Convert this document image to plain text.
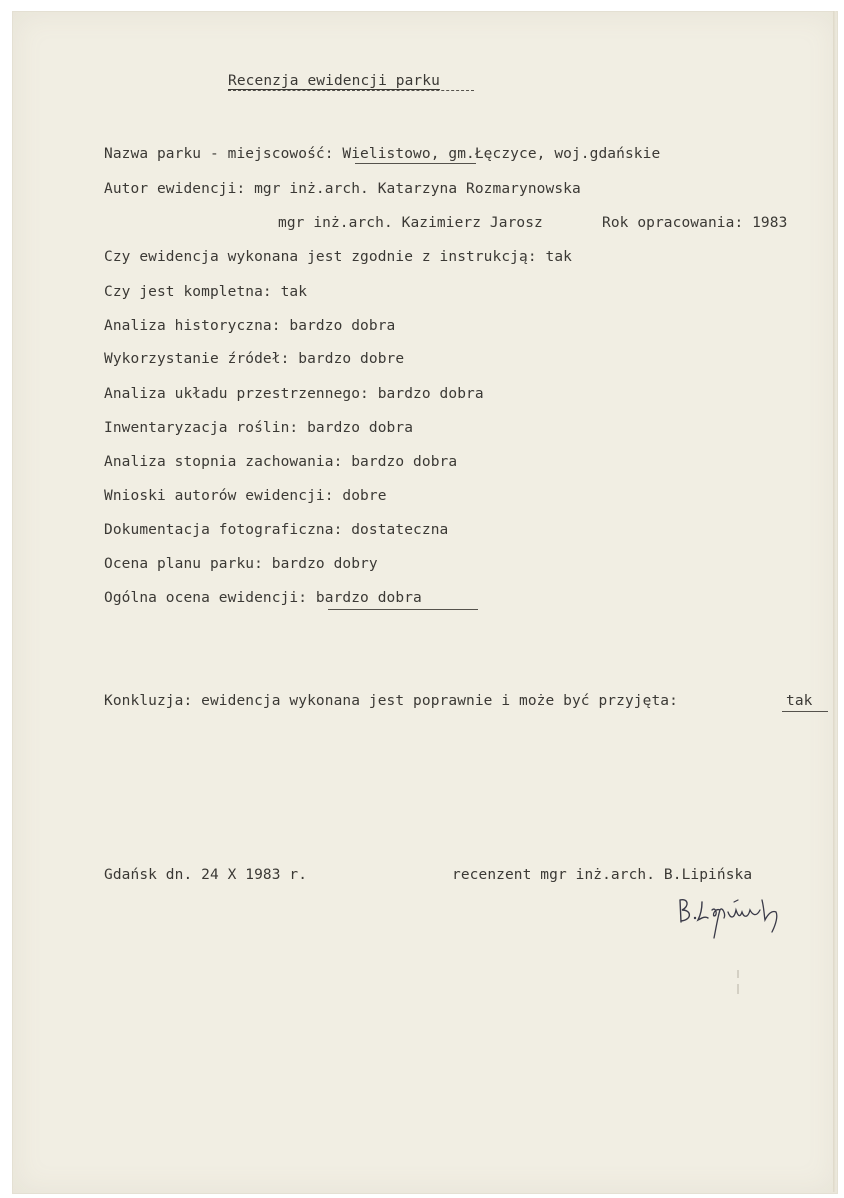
Recenzja ewidencji parku
Nazwa parku - miejscowość: Wielistowo, gm.Łęczyce, woj.gdańskie
Autor ewidencji: mgr inż.arch. Katarzyna Rozmarynowska
mgr inż.arch. Kazimierz Jarosz	Rok opracowania: 1983
Czy ewidencja wykonana jest zgodnie z instrukcją: tak
Czy jest kompletna: tak
Analiza historyczna: bardzo dobra
Wykorzystanie źródeł: bardzo dobre
Analiza układu przestrzennego: bardzo dobra
Inwentaryzacja roślin: bardzo dobra
Analiza stopnia zachowania: bardzo dobra
Wnioski autorów ewidencji: dobre
Dokumentacja fotograficzna: dostateczna
Ocena planu parku: bardzo dobry
Ogólna ocena ewidencji: bardzo dobra
Konkluzja: ewidencja wykonana jest poprawnie i może być przyjęta:	tak
Gdańsk dn. 24 X 1983 r.	recenzent mgr inż.arch. B.Lipińska
